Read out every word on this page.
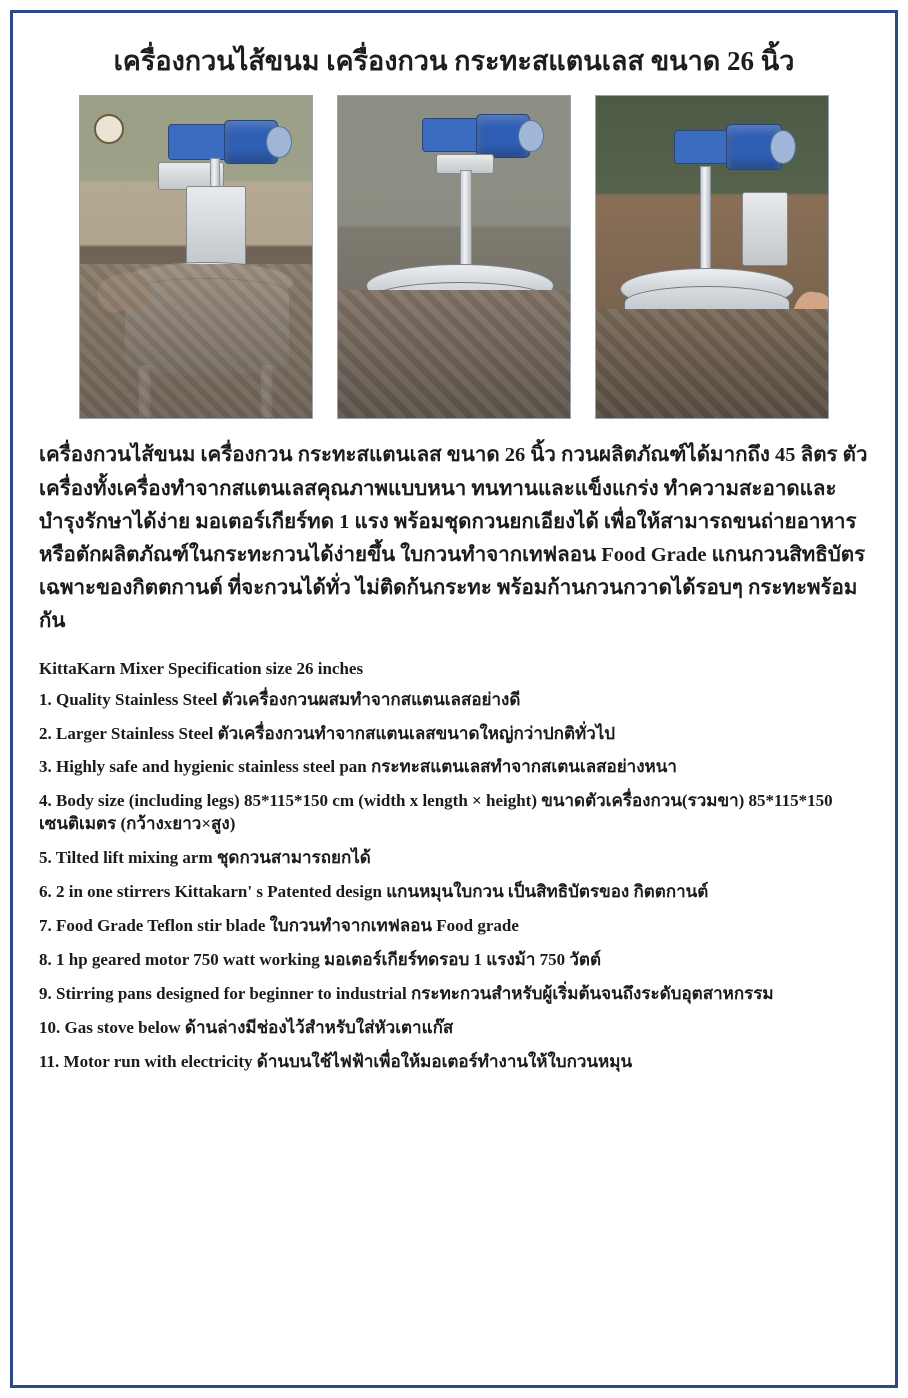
เครื่องกวนไส้ขนม เครื่องกวน กระทะสแตนเลส ขนาด 26 นิ้ว
เครื่องกวนไส้ขนม เครื่องกวน กระทะสแตนเลส ขนาด 26 นิ้ว กวนผลิตภัณฑ์ได้มากถึง 45 ลิตร ตัวเครื่องทั้งเครื่องทำจากสแตนเลสคุณภาพแบบหนา ทนทานและแข็งแกร่ง ทำความสะอาดและบำรุงรักษาได้ง่าย มอเตอร์เกียร์ทด 1 แรง พร้อมชุดกวนยกเอียงได้ เพื่อให้สามารถขนถ่ายอาหารหรือตักผลิตภัณฑ์ในกระทะกวนได้ง่ายขึ้น ใบกวนทำจากเทฟลอน Food Grade แกนกวนสิทธิบัตรเฉพาะของกิตตกานต์ ที่จะกวนได้ทั่ว ไม่ติดก้นกระทะ พร้อมก้านกวนกวาดได้รอบๆ กระทะพร้อมกัน
KittaKarn Mixer Specification size 26 inches
1. Quality Stainless Steel ตัวเครื่องกวนผสมทำจากสแตนเลสอย่างดี
2. Larger Stainless Steel ตัวเครื่องกวนทำจากสแตนเลสขนาดใหญ่กว่าปกติทั่วไป
3. Highly safe and hygienic stainless steel pan กระทะสแตนเลสทำจากสเตนเลสอย่างหนา
4. Body size (including legs) 85*115*150 cm (width x length × height) ขนาดตัวเครื่องกวน(รวมขา) 85*115*150 เซนติเมตร (กว้างxยาว×สูง)
5. Tilted lift mixing arm ชุดกวนสามารถยกได้
6. 2 in one stirrers Kittakarn' s Patented design แกนหมุนใบกวน เป็นสิทธิบัตรของ กิตตกานต์
7. Food Grade Teflon stir blade ใบกวนทำจากเทฟลอน Food grade
8. 1 hp geared motor 750 watt working มอเตอร์เกียร์ทดรอบ 1 แรงม้า 750 วัตต์
9. Stirring pans designed for beginner to industrial กระทะกวนสำหรับผู้เริ่มต้นจนถึงระดับอุตสาหกรรม
10. Gas stove below ด้านล่างมีช่องไว้สำหรับใส่หัวเตาแก๊ส
11. Motor run with electricity ด้านบนใช้ไฟฟ้าเพื่อให้มอเตอร์ทำงานให้ใบกวนหมุน
